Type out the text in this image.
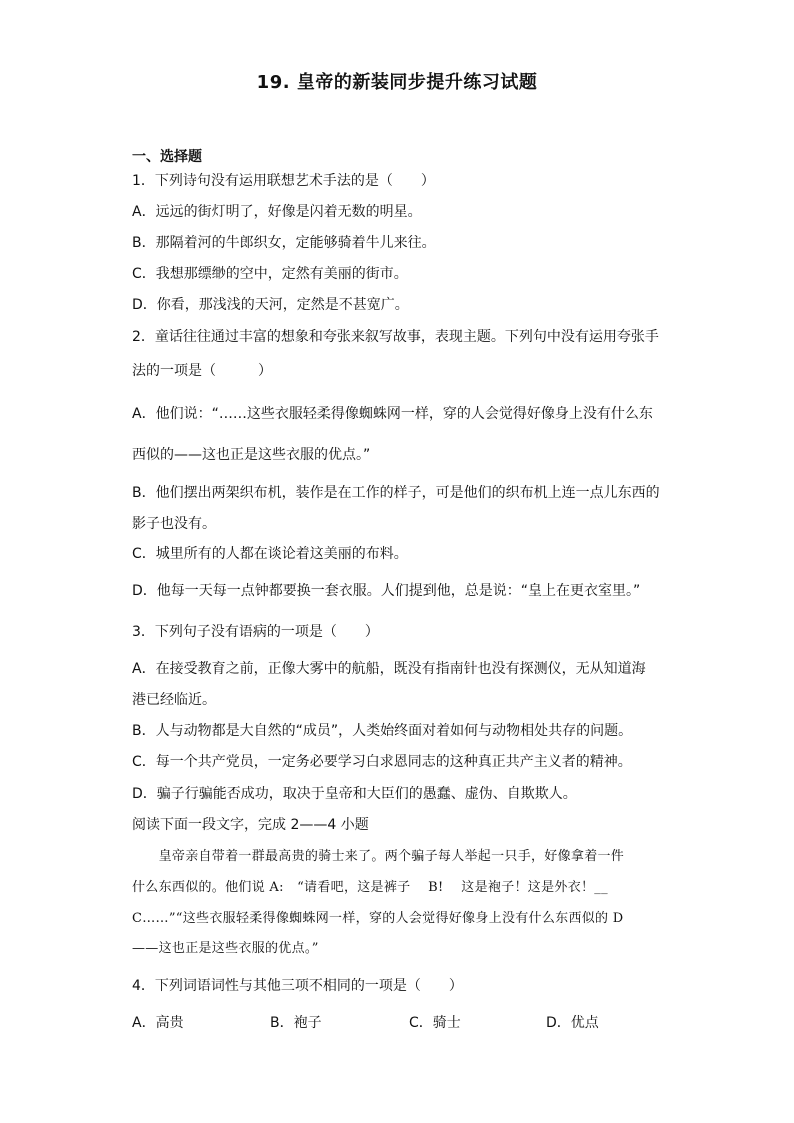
19. 皇帝的新装同步提升练习试题
一、选择题
1．下列诗句没有运用联想艺术手法的是（　　）
A．远远的街灯明了，好像是闪着无数的明星。
B．那隔着河的牛郎织女，定能够骑着牛儿来往。
C．我想那缥缈的空中，定然有美丽的街市。
D．你看，那浅浅的天河，定然是不甚宽广。
2．童话往往通过丰富的想象和夸张来叙写故事，表现主题。下列句中没有运用夸张手
法的一项是（　　　）
A．他们说：“……这些衣服轻柔得像蜘蛛网一样，穿的人会觉得好像身上没有什么东
西似的——这也正是这些衣服的优点。”
B．他们摆出两架织布机，装作是在工作的样子，可是他们的织布机上连一点儿东西的
影子也没有。
C．城里所有的人都在谈论着这美丽的布料。
D．他每一天每一点钟都要换一套衣服。人们提到他，总是说：“皇上在更衣室里。”
3．下列句子没有语病的一项是（　　）
A．在接受教育之前，正像大雾中的航船，既没有指南针也没有探测仪，无从知道海
港已经临近。
B．人与动物都是大自然的“成员”，人类始终面对着如何与动物相处共存的问题。
C．每一个共产党员，一定务必要学习白求恩同志的这种真正共产主义者的精神。
D．骗子行骗能否成功，取决于皇帝和大臣们的愚蠢、虚伪、自欺欺人。
阅读下面一段文字，完成 2——4 小题
　　皇帝亲自带着一群最高贵的骑士来了。两个骗子每人举起一只手，好像拿着一件
什么东西似的。他们说 A:　“请看吧，这是裤子 　B!　 这是袍子！这是外衣！__
C……”“这些衣服轻柔得像蜘蛛网一样，穿的人会觉得好像身上没有什么东西似的 D
——这也正是这些衣服的优点。”
4．下列词语词性与其他三项不相同的一项是（　　）
A．高贵	B．袍子	C．骑士	D．优点
